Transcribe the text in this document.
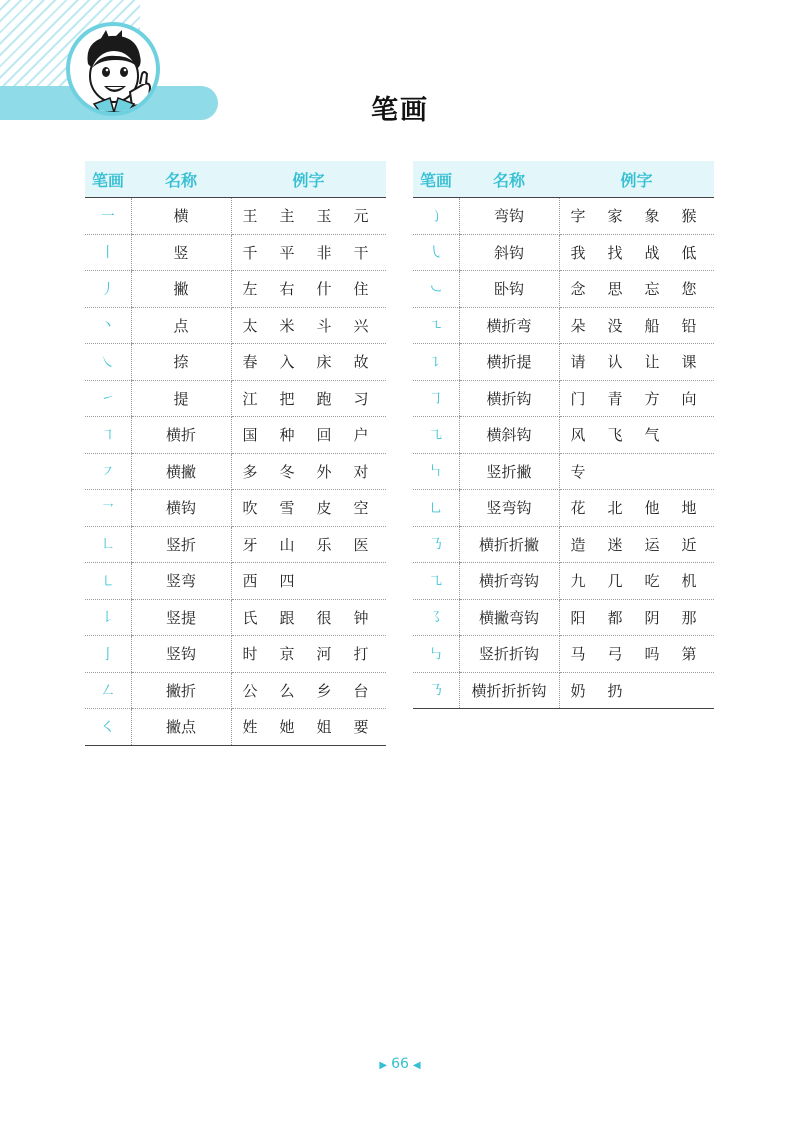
笔画
笔画	名称	例字
一	横	王 主 玉 元
丨	竖	千 平 非 干
丿	撇	左 右 什 住
丶	点	太 米 斗 兴
㇏	捺	春 入 床 故
㇀	提	江 把 跑 习
㇕	横折	国 种 回 户
㇇	横撇	多 冬 外 对
㇖	横钩	吹 雪 皮 空
㇗	竖折	牙 山 乐 医
㇄	竖弯	西 四
㇙	竖提	氏 跟 很 钟
亅	竖钩	时 京 河 打
㇜	撇折	公 么 乡 台
㇛	撇点	姓 她 姐 要
笔画	名称	例字
㇁	弯钩	字 家 象 猴
㇂	斜钩	我 找 战 低
㇃	卧钩	念 思 忘 您
㇍	横折弯	朵 没 船 铅
㇊	横折提	请 认 让 课
㇆	横折钩	门 青 方 向
㇈	横斜钩	风 飞 气
㇞	竖折撇	专
㇟	竖弯钩	花 北 他 地
㇡	横折折撇	造 迷 运 近
㇈	横折弯钩	九 几 吃 机
㇌	横撇弯钩	阳 都 阴 那
㇉	竖折折钩	马 弓 吗 第
㇡	横折折折钩	奶 扔
▶ 66 ◀
